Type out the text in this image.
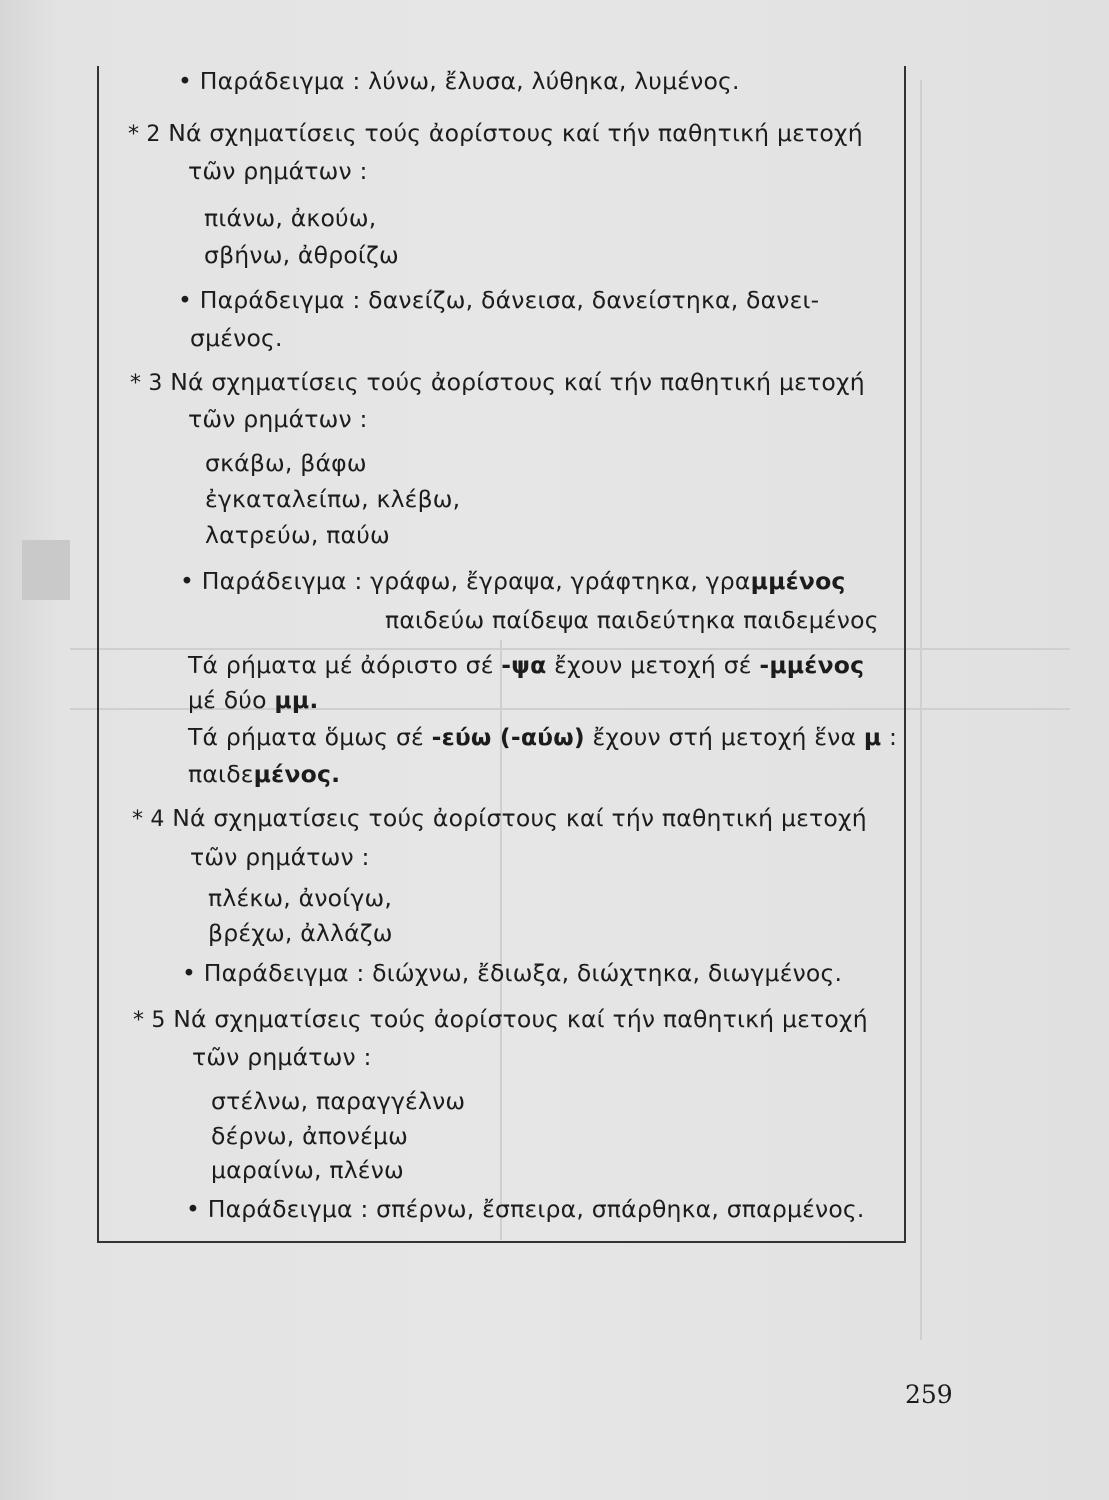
• Παράδειγμα : λύνω, ἔλυσα, λύθηκα, λυμένος.
* 2 Νά σχηματίσεις τούς ἀορίστους καί τήν παθητική μετοχή
τῶν ρημάτων :
πιάνω, ἀκούω,
σβήνω, ἀθροίζω
• Παράδειγμα : δανείζω, δάνεισα, δανείστηκα, δανει-
σμένος.
* 3 Νά σχηματίσεις τούς ἀορίστους καί τήν παθητική μετοχή
τῶν ρημάτων :
σκάβω, βάφω
ἐγκαταλείπω, κλέβω,
λατρεύω, παύω
• Παράδειγμα : γράφω, ἔγραψα, γράφτηκα, γραμμένος
παιδεύω παίδεψα παιδεύτηκα παιδεμένος
Τά ρήματα μέ ἀόριστο σέ -ψα ἔχουν μετοχή σέ -μμένος
μέ δύο μμ.
Τά ρήματα ὅμως σέ -εύω (-αύω) ἔχουν στή μετοχή ἕνα μ :
παιδεμένος.
* 4 Νά σχηματίσεις τούς ἀορίστους καί τήν παθητική μετοχή
τῶν ρημάτων :
πλέκω, ἀνοίγω,
βρέχω, ἀλλάζω
• Παράδειγμα : διώχνω, ἔδιωξα, διώχτηκα, διωγμένος.
* 5 Νά σχηματίσεις τούς ἀορίστους καί τήν παθητική μετοχή
τῶν ρημάτων :
στέλνω, παραγγέλνω
δέρνω, ἀπονέμω
μαραίνω, πλένω
• Παράδειγμα : σπέρνω, ἔσπειρα, σπάρθηκα, σπαρμένος.
259
